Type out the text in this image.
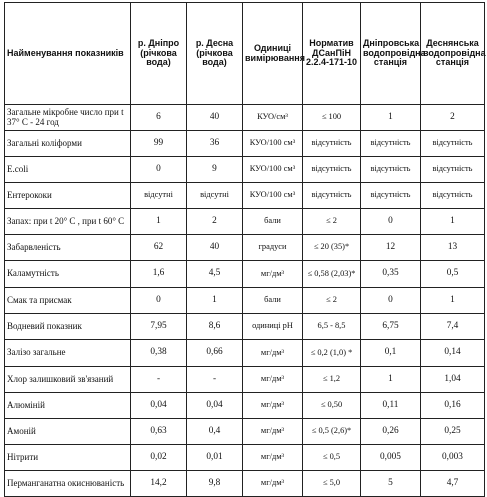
Найменування показників	р. Дніпро (річкова вода)	р. Десна (річкова вода)	Одиниці вимірювання	Норматив ДСанПіН 2.2.4-171-10	Дніпровська водопровідна станція	Деснянська водопровідна станція
Загальне мікробне число при t 37° С - 24 год	6	40	КУО/см³	≤ 100	1	2
Загальні коліформи	99	36	КУО/100 см³	відсутність	відсутність	відсутність
E.coli	0	9	КУО/100 см³	відсутність	відсутність	відсутність
Ентерококи	відсутні	відсутні	КУО/100 см³	відсутність	відсутність	відсутність
Запах: при t 20° С , при t 60° С	1	2	бали	≤ 2	0	1
Забарвленість	62	40	градуси	≤ 20 (35)*	12	13
Каламутність	1,6	4,5	мг/дм³	≤ 0,58 (2,03)*	0,35	0,5
Смак та присмак	0	1	бали	≤ 2	0	1
Водневий показник	7,95	8,6	одиниці pH	6,5 - 8,5	6,75	7,4
Залізо загальне	0,38	0,66	мг/дм³	≤ 0,2 (1,0) *	0,1	0,14
Хлор залишковий зв'язаний	-	-	мг/дм³	≤ 1,2	1	1,04
Алюміній	0,04	0,04	мг/дм³	≤ 0,50	0,11	0,16
Амоній	0,63	0,4	мг/дм³	≤ 0,5 (2,6)*	0,26	0,25
Нітрити	0,02	0,01	мг/дм³	≤ 0,5	0,005	0,003
Перманганатна окиснюваність	14,2	9,8	мг/дм³	≤ 5,0	5	4,7
